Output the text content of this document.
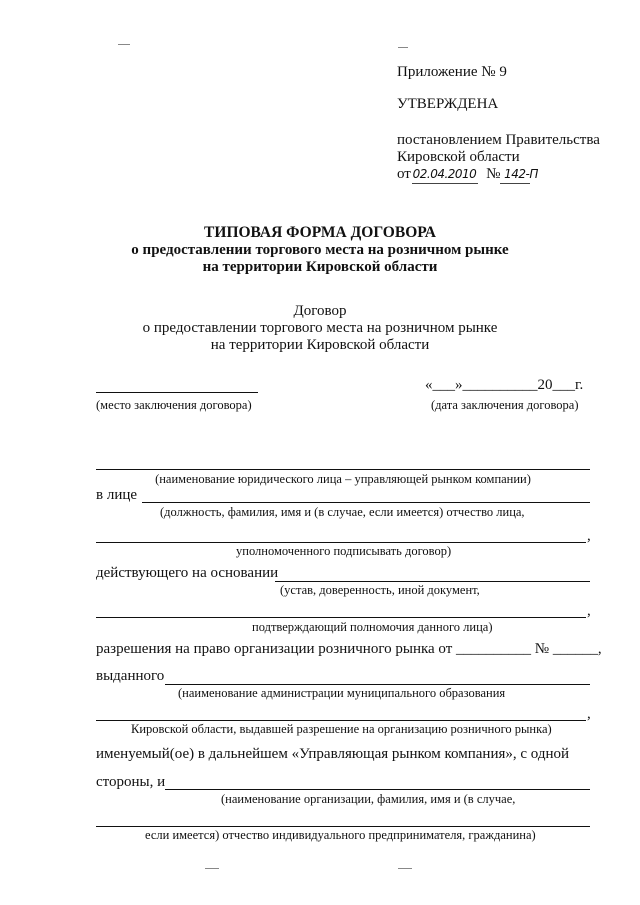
Приложение № 9
УТВЕРЖДЕНА
постановлением Правительства
Кировской области
от 02.04.2010 № 142-П
ТИПОВАЯ ФОРМА ДОГОВОРА
о предоставлении торгового места на розничном рынке
на территории Кировской области
Договор
о предоставлении торгового места на розничном рынке
на территории Кировской области
«___»__________20___г.
(место заключения договора)	(дата заключения договора)
(наименование юридического лица – управляющей рынком компании)
в лице
(должность, фамилия, имя и (в случае, если имеется) отчество лица,
,
уполномоченного подписывать договор)
действующего на основании
(устав, доверенность, иной документ,
,
подтверждающий полномочия данного лица)
разрешения на право организации розничного рынка от __________ № ______,
выданного
(наименование администрации муниципального образования
,
Кировской области, выдавшей разрешение на организацию розничного рынка)
именуемый(ое) в дальнейшем «Управляющая рынком компания», с одной
стороны, и
(наименование организации, фамилия, имя и (в случае,
если имеется) отчество индивидуального предпринимателя, гражданина)
